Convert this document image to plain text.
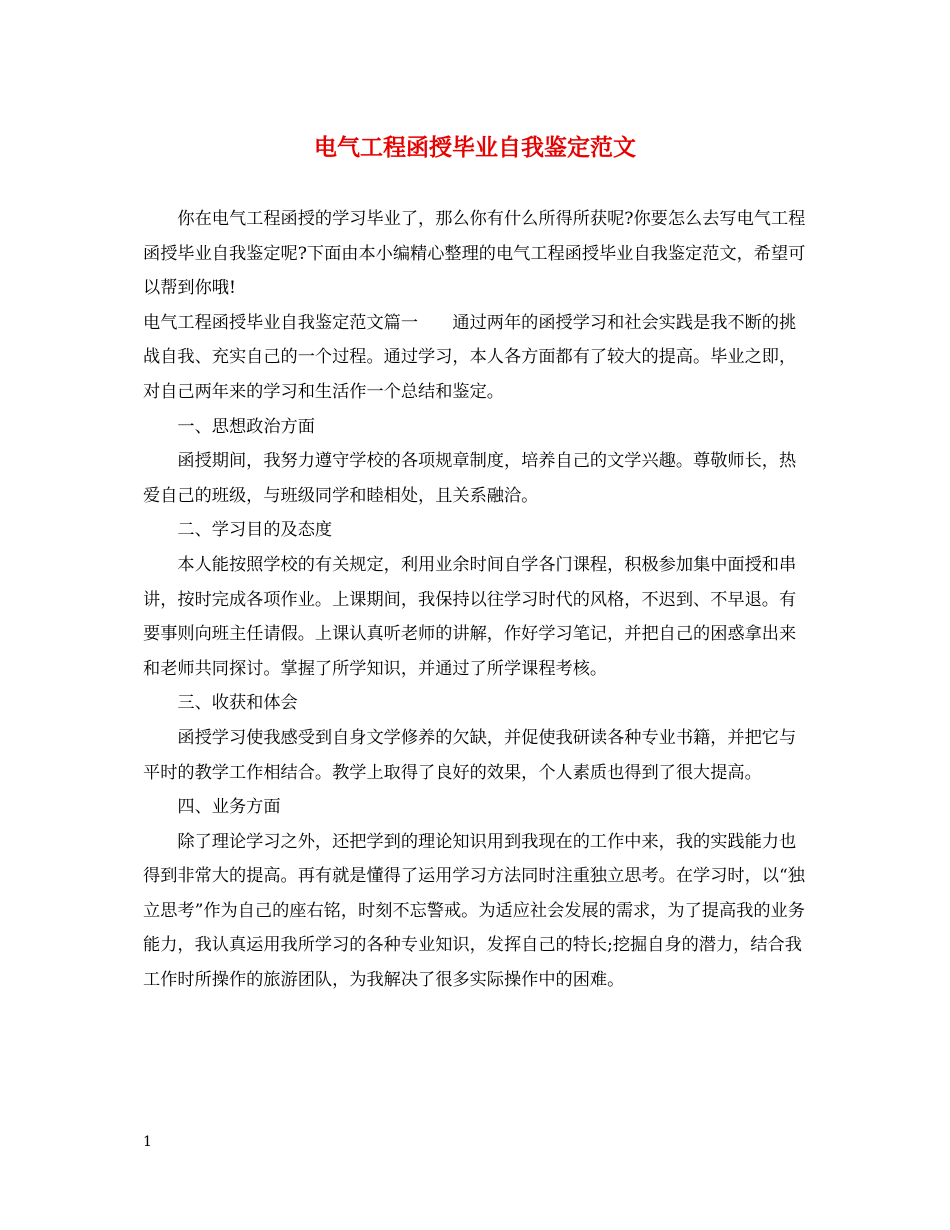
电气工程函授毕业自我鉴定范文

你在电气工程函授的学习毕业了，那么你有什么所得所获呢?你要怎么去写电气工程函授毕业自我鉴定呢?下面由本小编精心整理的电气工程函授毕业自我鉴定范文，希望可以帮到你哦!

电气工程函授毕业自我鉴定范文篇一　　通过两年的函授学习和社会实践是我不断的挑战自我、充实自己的一个过程。通过学习，本人各方面都有了较大的提高。毕业之即，对自己两年来的学习和生活作一个总结和鉴定。

一、思想政治方面

函授期间，我努力遵守学校的各项规章制度，培养自己的文学兴趣。尊敬师长，热爱自己的班级，与班级同学和睦相处，且关系融洽。

二、学习目的及态度

本人能按照学校的有关规定，利用业余时间自学各门课程，积极参加集中面授和串讲，按时完成各项作业。上课期间，我保持以往学习时代的风格，不迟到、不早退。有要事则向班主任请假。上课认真听老师的讲解，作好学习笔记，并把自己的困惑拿出来和老师共同探讨。掌握了所学知识，并通过了所学课程考核。

三、收获和体会

函授学习使我感受到自身文学修养的欠缺，并促使我研读各种专业书籍，并把它与平时的教学工作相结合。教学上取得了良好的效果，个人素质也得到了很大提高。

四、业务方面

除了理论学习之外，还把学到的理论知识用到我现在的工作中来，我的实践能力也得到非常大的提高。再有就是懂得了运用学习方法同时注重独立思考。在学习时，以“独立思考”作为自己的座右铭，时刻不忘警戒。为适应社会发展的需求，为了提高我的业务能力，我认真运用我所学习的各种专业知识，发挥自己的特长;挖掘自身的潜力，结合我工作时所操作的旅游团队，为我解决了很多实际操作中的困难。

1
